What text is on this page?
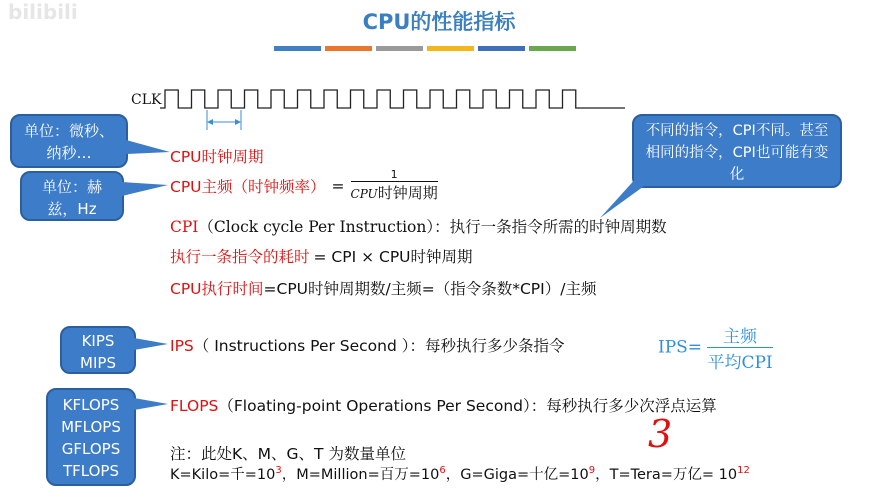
bilibili	CPU的性能指标
CLK
单位：微秒、纳秒…
单位：赫兹，Hz
不同的指令，CPI不同。甚至相同的指令，CPI也可能有变化
KIPS
MIPS
KFLOPS
MFLOPS
GFLOPS
TFLOPS
CPU时钟周期
CPU主频（时钟频率） = $\frac{1}{\text{CPU时钟周期}}$
CPI（Clock cycle Per Instruction）：执行一条指令所需的时钟周期数
执行一条指令的耗时 = CPI × CPU时钟周期
CPU执行时间=CPU时钟周期数/主频=（指令条数*CPI）/主频
IPS（ Instructions Per Second ）：每秒执行多少条指令	IPS=
主频
平均CPI
FLOPS（Floating-point Operations Per Second）：每秒执行多少次浮点运算
3
注：此处K、M、G、T 为数量单位
K=Kilo=千$=10^3$，M=Million=百万$=10^6$，G=Giga=十亿$=10^9$，T=Tera=万亿= $10^{12}$
